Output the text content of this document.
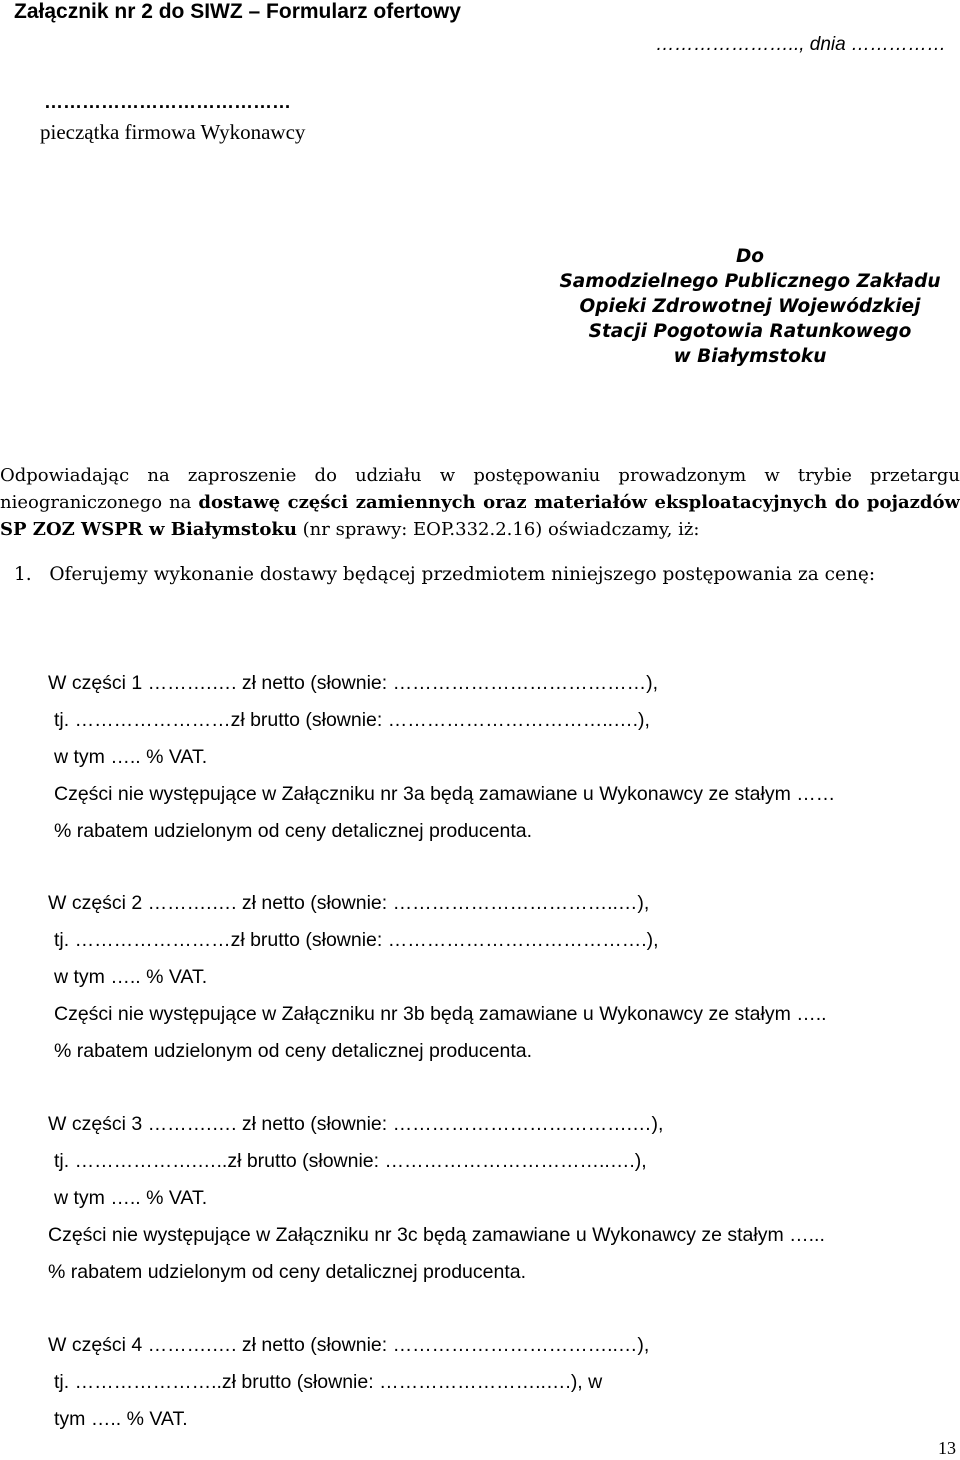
Załącznik nr 2 do SIWZ – Formularz ofertowy
………………….., dnia ……………
…………………………………
pieczątka firmowa Wykonawcy
Do
Samodzielnego Publicznego Zakładu
Opieki Zdrowotnej Wojewódzkiej
Stacji Pogotowia Ratunkowego
w Białymstoku
Odpowiadając na zaproszenie do udziału w postępowaniu prowadzonym w trybie przetargu nieograniczonego na dostawę części zamiennych oraz materiałów eksploatacyjnych do pojazdów SP ZOZ WSPR w Białymstoku (nr sprawy: EOP.332.2.16) oświadczamy, iż:
1. Oferujemy wykonanie dostawy będącej przedmiotem niniejszego postępowania za cenę:
W części 1 ……….…. zł netto (słownie: …………………………………),
tj. ……………………zł brutto (słownie: ……………………………..….),
w tym ….. % VAT.
Części nie występujące w Załączniku nr 3a będą zamawiane u Wykonawcy ze stałym ……
% rabatem udzielonym od ceny detalicznej producenta.
W części 2 ……….…. zł netto (słownie: ……………………………..…),
tj. ……………………zł brutto (słownie: ………………………………….),
w tym ….. % VAT.
Części nie występujące w Załączniku nr 3b będą zamawiane u Wykonawcy ze stałym …..
% rabatem udzielonym od ceny detalicznej producenta.
W części 3 ……….…. zł netto (słownie: ……………………………….…),
tj. ……………….…..zł brutto (słownie: ……………………………..….),
w tym ….. % VAT.
Części nie występujące w Załączniku nr 3c będą zamawiane u Wykonawcy ze stałym …...
% rabatem udzielonym od ceny detalicznej producenta.
W części 4 ……….…. zł netto (słownie: ……………………………..…),
tj. …………………..zł brutto (słownie: ……………………..….), w
tym ….. % VAT.
13
